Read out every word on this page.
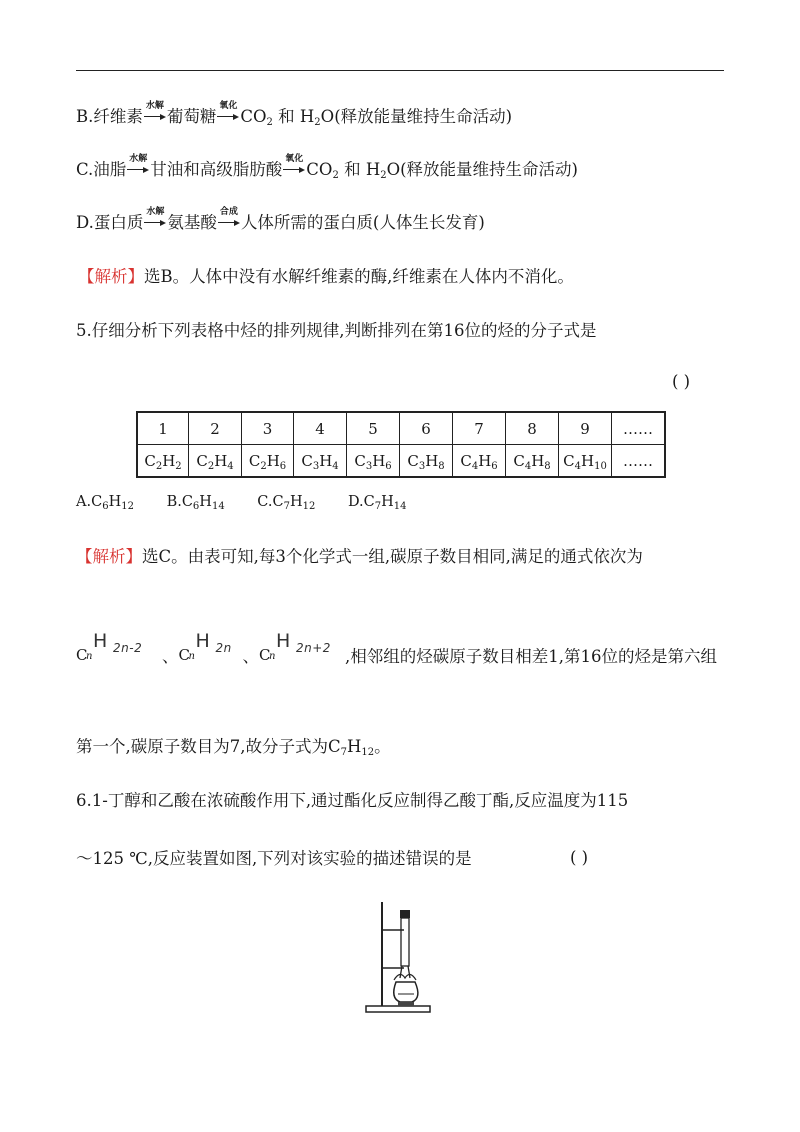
B.纤维素
水解
葡萄糖
氧化
$CO_2$ 和 $H_2O$(释放能量维持生命活动)
C.油脂
水解
甘油和高级脂肪酸
氧化
$CO_2$ 和 $H_2O$(释放能量维持生命活动)
D.蛋白质
水解
氨基酸
合成
人体所需的蛋白质(人体生长发育)
【解析】选B。人体中没有水解纤维素的酶,纤维素在人体内不消化。
5.仔细分析下列表格中烃的排列规律,判断排列在第16位的烃的分子式是
( )
1	2	3	4	5	6	7	8	9	……
$C_2H_2$	$C_2H_4$	$C_2H_6$	$C_3H_4$	$C_3H_6$	$C_3H_8$	$C_4H_6$	$C_4H_8$	$C_4H_{10}$	……
$A.C_6H_{12}$ $B.C_6H_{14}$ $C.C_7H_{12}$ $D.C_7H_{14}$
【解析】选C。由表可知,每3个化学式一组,碳原子数目相同,满足的通式依次为
H 2n-2
C
n	、
H 2n
C
n	、
H 2n+2
C
n	,相邻组的烃碳原子数目相差1,第16位的烃是第六组
第一个,碳原子数目为7,故分子式为$C_7H_{12}$。
6.1-丁醇和乙酸在浓硫酸作用下,通过酯化反应制得乙酸丁酯,反应温度为115
～125 ℃,反应装置如图,下列对该实验的描述错误的是	( )
